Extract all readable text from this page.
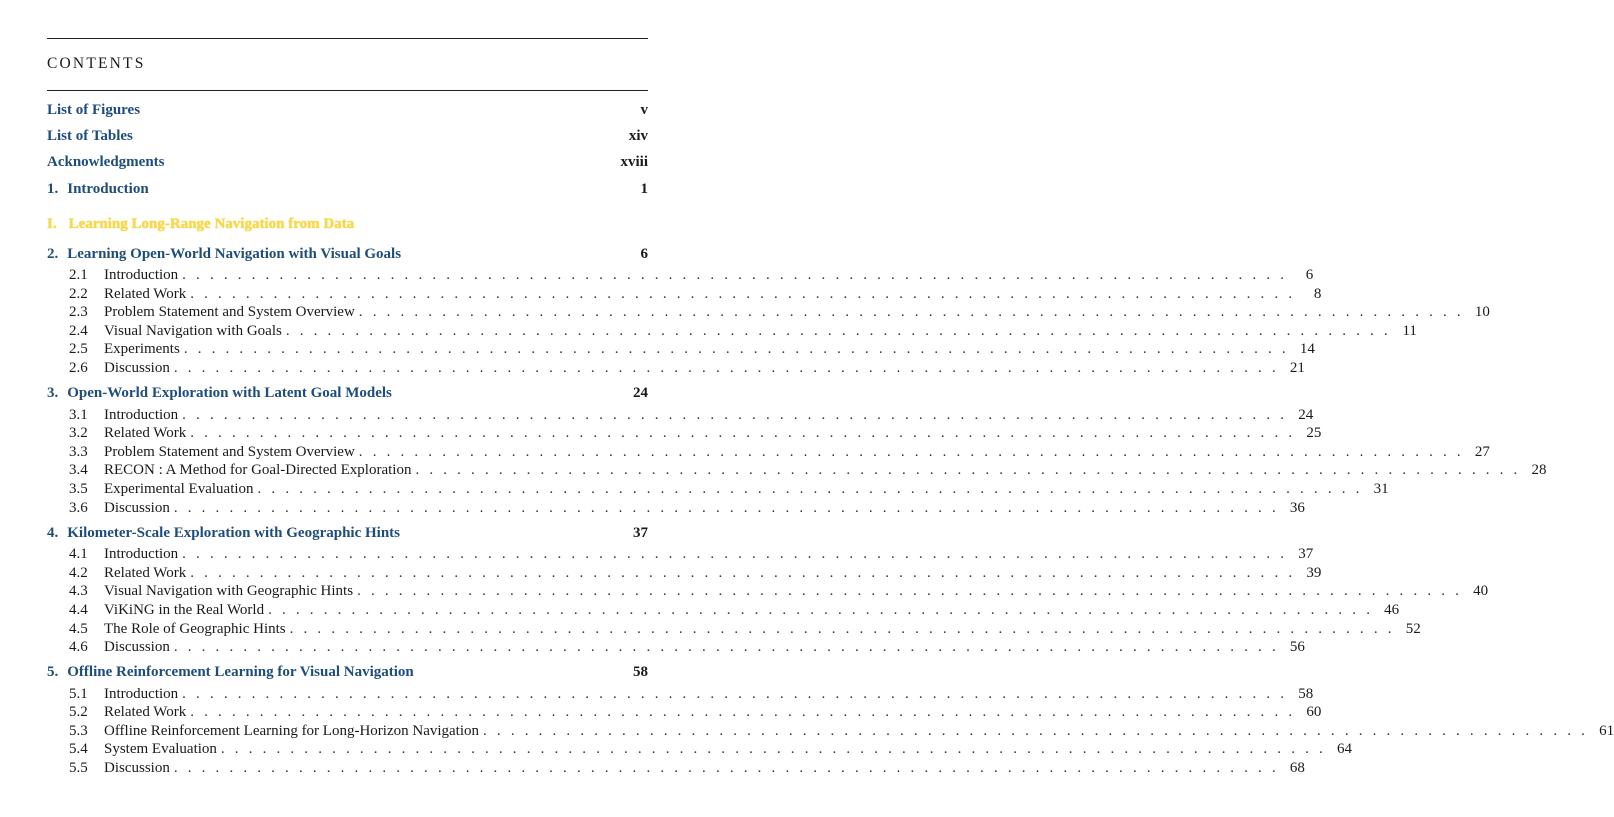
CONTENTS
List of Figures	v
List of Tables	xiv
Acknowledgments	xviii
1. Introduction	1
I. Learning Long-Range Navigation from Data
2. Learning Open-World Navigation with Visual Goals	6
2.1	Introduction . . . . . . . . . . . . . . . . . . . . . . . . . . . . . . . . . . . . . . . . . . . . . . . . . . . . . . . . . . . . . . . . . . . . . . . . . . . . . . . .	6
2.2	Related Work . . . . . . . . . . . . . . . . . . . . . . . . . . . . . . . . . . . . . . . . . . . . . . . . . . . . . . . . . . . . . . . . . . . . . . . . . . . . . . . .	8
2.3	Problem Statement and System Overview . . . . . . . . . . . . . . . . . . . . . . . . . . . . . . . . . . . . . . . . . . . . . . . . . . . . . . . . . . . . . . . . . . . . . . . . . . . . . . . . 10
2.4	Visual Navigation with Goals . . . . . . . . . . . . . . . . . . . . . . . . . . . . . . . . . . . . . . . . . . . . . . . . . . . . . . . . . . . . . . . . . . . . . . . . . . . . . . . . 11
2.5	Experiments . . . . . . . . . . . . . . . . . . . . . . . . . . . . . . . . . . . . . . . . . . . . . . . . . . . . . . . . . . . . . . . . . . . . . . . . . . . . . . . . 14
2.6	Discussion . . . . . . . . . . . . . . . . . . . . . . . . . . . . . . . . . . . . . . . . . . . . . . . . . . . . . . . . . . . . . . . . . . . . . . . . . . . . . . . . 21
3. Open-World Exploration with Latent Goal Models	24
3.1	Introduction . . . . . . . . . . . . . . . . . . . . . . . . . . . . . . . . . . . . . . . . . . . . . . . . . . . . . . . . . . . . . . . . . . . . . . . . . . . . . . . . 24
3.2	Related Work . . . . . . . . . . . . . . . . . . . . . . . . . . . . . . . . . . . . . . . . . . . . . . . . . . . . . . . . . . . . . . . . . . . . . . . . . . . . . . . . 25
3.3	Problem Statement and System Overview . . . . . . . . . . . . . . . . . . . . . . . . . . . . . . . . . . . . . . . . . . . . . . . . . . . . . . . . . . . . . . . . . . . . . . . . . . . . . . . . 27
3.4	RECON : A Method for Goal-Directed Exploration . . . . . . . . . . . . . . . . . . . . . . . . . . . . . . . . . . . . . . . . . . . . . . . . . . . . . . . . . . . . . . . . . . . . . . . . . . . . . . . . 28
3.5	Experimental Evaluation . . . . . . . . . . . . . . . . . . . . . . . . . . . . . . . . . . . . . . . . . . . . . . . . . . . . . . . . . . . . . . . . . . . . . . . . . . . . . . . . 31
3.6	Discussion . . . . . . . . . . . . . . . . . . . . . . . . . . . . . . . . . . . . . . . . . . . . . . . . . . . . . . . . . . . . . . . . . . . . . . . . . . . . . . . . 36
4. Kilometer-Scale Exploration with Geographic Hints	37
4.1	Introduction . . . . . . . . . . . . . . . . . . . . . . . . . . . . . . . . . . . . . . . . . . . . . . . . . . . . . . . . . . . . . . . . . . . . . . . . . . . . . . . . 37
4.2	Related Work . . . . . . . . . . . . . . . . . . . . . . . . . . . . . . . . . . . . . . . . . . . . . . . . . . . . . . . . . . . . . . . . . . . . . . . . . . . . . . . . 39
4.3	Visual Navigation with Geographic Hints . . . . . . . . . . . . . . . . . . . . . . . . . . . . . . . . . . . . . . . . . . . . . . . . . . . . . . . . . . . . . . . . . . . . . . . . . . . . . . . . 40
4.4	ViKiNG in the Real World . . . . . . . . . . . . . . . . . . . . . . . . . . . . . . . . . . . . . . . . . . . . . . . . . . . . . . . . . . . . . . . . . . . . . . . . . . . . . . . . 46
4.5	The Role of Geographic Hints . . . . . . . . . . . . . . . . . . . . . . . . . . . . . . . . . . . . . . . . . . . . . . . . . . . . . . . . . . . . . . . . . . . . . . . . . . . . . . . . 52
4.6	Discussion . . . . . . . . . . . . . . . . . . . . . . . . . . . . . . . . . . . . . . . . . . . . . . . . . . . . . . . . . . . . . . . . . . . . . . . . . . . . . . . . 56
5. Offline Reinforcement Learning for Visual Navigation	58
5.1	Introduction . . . . . . . . . . . . . . . . . . . . . . . . . . . . . . . . . . . . . . . . . . . . . . . . . . . . . . . . . . . . . . . . . . . . . . . . . . . . . . . . 58
5.2	Related Work . . . . . . . . . . . . . . . . . . . . . . . . . . . . . . . . . . . . . . . . . . . . . . . . . . . . . . . . . . . . . . . . . . . . . . . . . . . . . . . . 60
5.3	Offline Reinforcement Learning for Long-Horizon Navigation . . . . . . . . . . . . . . . . . . . . . . . . . . . . . . . . . . . . . . . . . . . . . . . . . . . . . . . . . . . . . . . . . . . . . . . . . . . . . . . . 61
5.4	System Evaluation . . . . . . . . . . . . . . . . . . . . . . . . . . . . . . . . . . . . . . . . . . . . . . . . . . . . . . . . . . . . . . . . . . . . . . . . . . . . . . . . 64
5.5	Discussion . . . . . . . . . . . . . . . . . . . . . . . . . . . . . . . . . . . . . . . . . . . . . . . . . . . . . . . . . . . . . . . . . . . . . . . . . . . . . . . . 68
